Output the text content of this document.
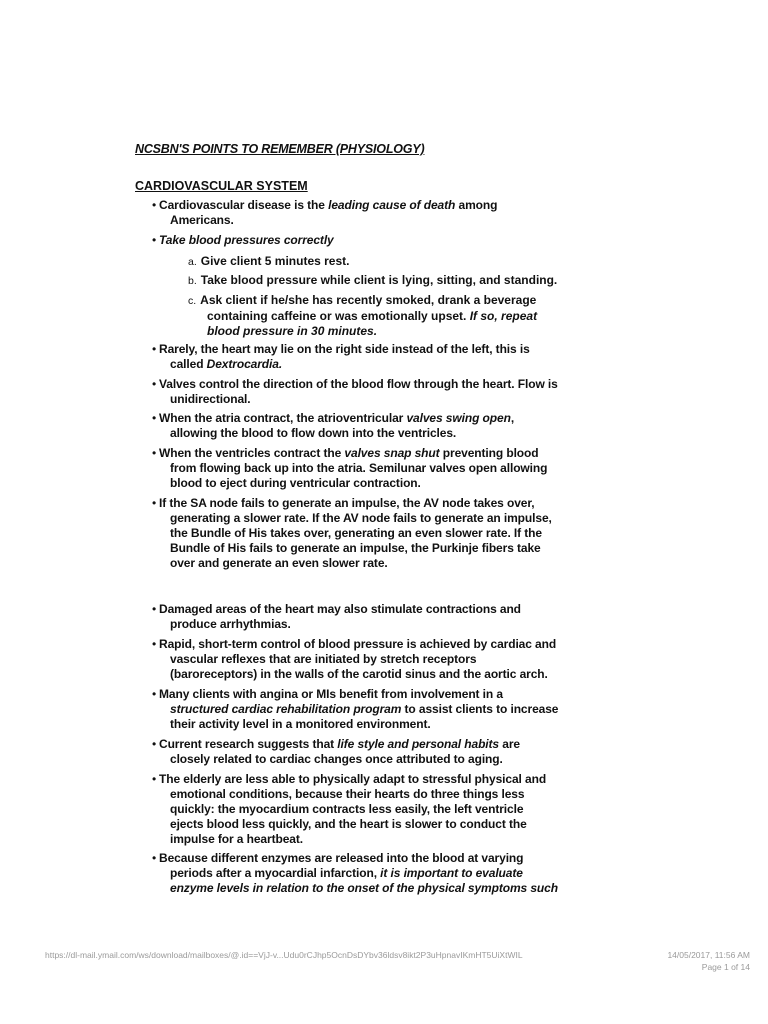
NCSBN'S POINTS TO REMEMBER (PHYSIOLOGY)
CARDIOVASCULAR SYSTEM
• Cardiovascular disease is the leading cause of death among
Americans.
• Take blood pressures correctly
• Rarely, the heart may lie on the right side instead of the left, this is
called Dextrocardia.
• Valves control the direction of the blood flow through the heart. Flow is
unidirectional.
• When the atria contract, the atrioventricular valves swing open,
allowing the blood to flow down into the ventricles.
• When the ventricles contract the valves snap shut preventing blood
from flowing back up into the atria. Semilunar valves open allowing
blood to eject during ventricular contraction.
• If the SA node fails to generate an impulse, the AV node takes over,
generating a slower rate. If the AV node fails to generate an impulse,
the Bundle of His takes over, generating an even slower rate. If the
Bundle of His fails to generate an impulse, the Purkinje fibers take
over and generate an even slower rate.
• Damaged areas of the heart may also stimulate contractions and
produce arrhythmias.
• Rapid, short-term control of blood pressure is achieved by cardiac and
vascular reflexes that are initiated by stretch receptors
(baroreceptors) in the walls of the carotid sinus and the aortic arch.
• Many clients with angina or MIs benefit from involvement in a
structured cardiac rehabilitation program to assist clients to increase
their activity level in a monitored environment.
• Current research suggests that life style and personal habits are
closely related to cardiac changes once attributed to aging.
• The elderly are less able to physically adapt to stressful physical and
emotional conditions, because their hearts do three things less
quickly: the myocardium contracts less easily, the left ventricle
ejects blood less quickly, and the heart is slower to conduct the
impulse for a heartbeat.
• Because different enzymes are released into the blood at varying
periods after a myocardial infarction, it is important to evaluate
enzyme levels in relation to the onset of the physical symptoms such
a. Give client 5 minutes rest.
b. Take blood pressure while client is lying, sitting, and standing.
c. Ask client if he/she has recently smoked, drank a beverage
containing caffeine or was emotionally upset. If so, repeat
blood pressure in 30 minutes.
https://dl-mail.ymail.com/ws/download/mailboxes/@.id==VjJ-v...Udu0rCJhp5OcnDsDYbv36ldsv8ikt2P3uHpnavIKmHT5UiXtWIL	14/05/2017, 11:56 AM
Page 1 of 14
